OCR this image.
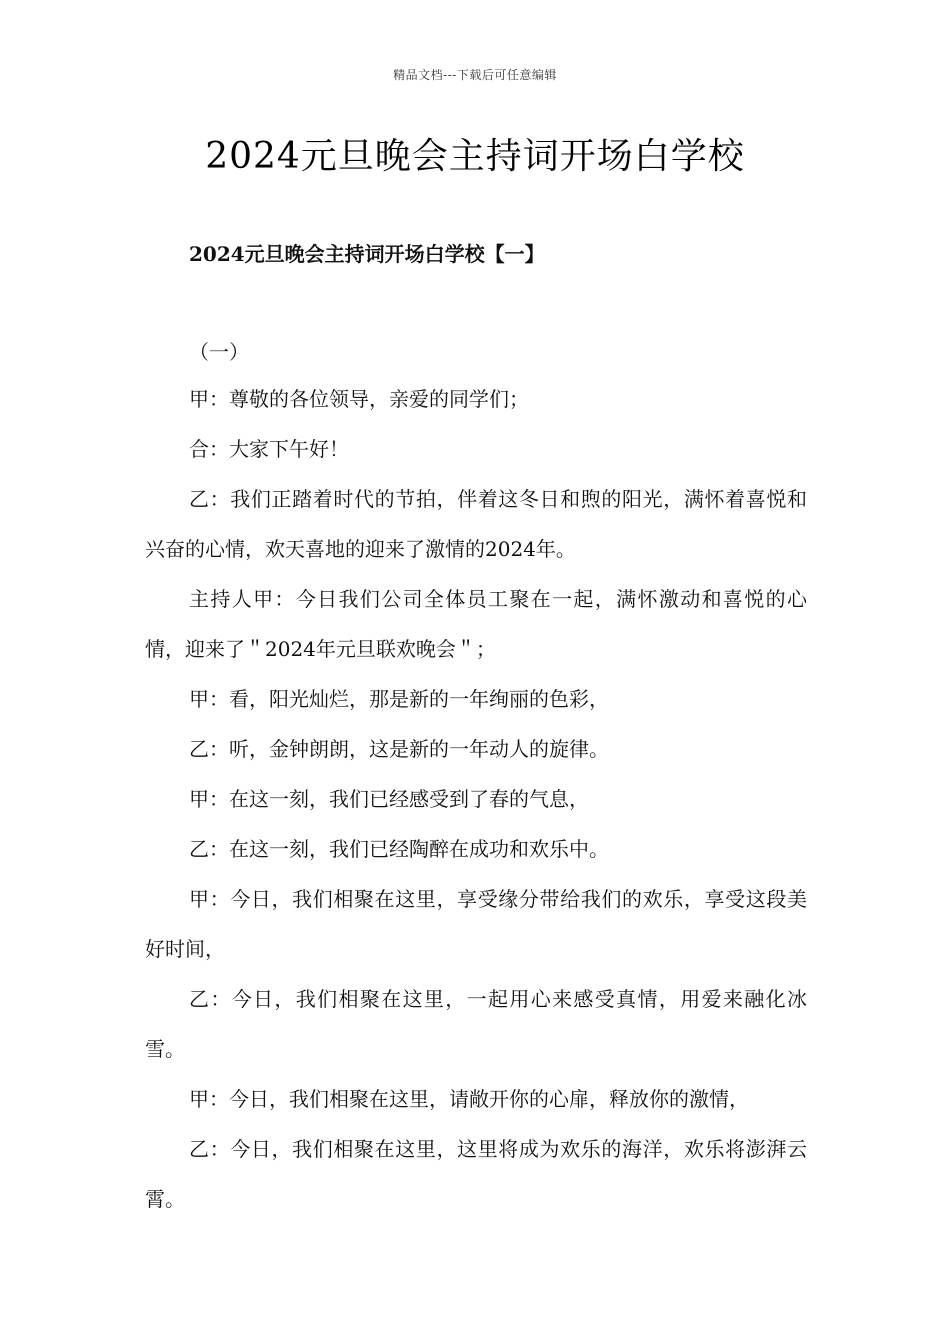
精品文档---下载后可任意编辑
2024元旦晚会主持词开场白学校
2024元旦晚会主持词开场白学校【一】
（一）

甲：尊敬的各位领导，亲爱的同学们；

合：大家下午好！

乙：我们正踏着时代的节拍，伴着这冬日和煦的阳光，满怀着喜悦和兴奋的心情，欢天喜地的迎来了激情的2024年。

主持人甲：今日我们公司全体员工聚在一起，满怀激动和喜悦的心情，迎来了＂2024年元旦联欢晚会＂；

甲：看，阳光灿烂，那是新的一年绚丽的色彩，

乙：听，金钟朗朗，这是新的一年动人的旋律。

甲：在这一刻，我们已经感受到了春的气息，

乙：在这一刻，我们已经陶醉在成功和欢乐中。

甲：今日，我们相聚在这里，享受缘分带给我们的欢乐，享受这段美好时间，

乙：今日，我们相聚在这里，一起用心来感受真情，用爱来融化冰雪。

甲：今日，我们相聚在这里，请敞开你的心扉，释放你的激情，

乙：今日，我们相聚在这里，这里将成为欢乐的海洋，欢乐将澎湃云霄。
